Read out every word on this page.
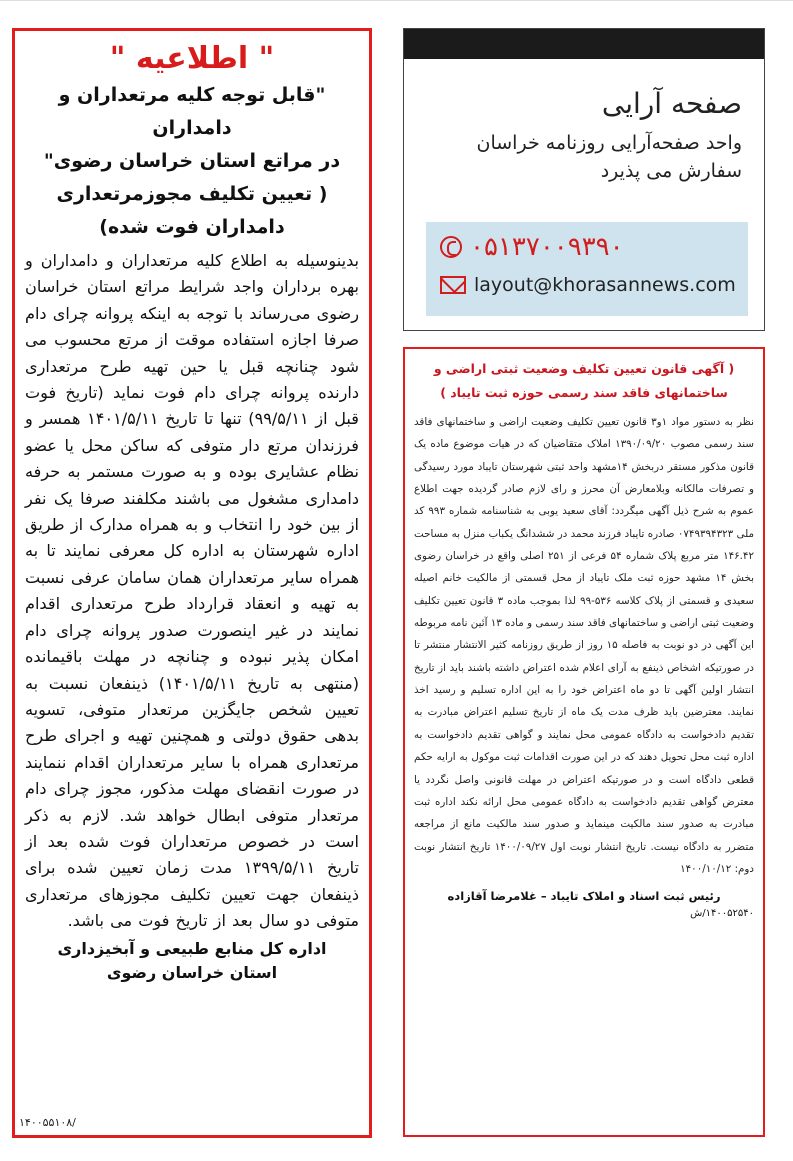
" اطلاعیه "
"قابل توجه کلیه مرتعداران و دامداران
در مراتع استان خراسان رضوی"
( تعیین تکلیف مجوزمرتعداری
دامداران فوت شده)
بدینوسیله به اطلاع کلیه مرتعداران و دامداران و بهره برداران واجد شرایط مراتع استان خراسان رضوی می‌رساند با توجه به اینکه پروانه چرای دام صرفا اجازه استفاده موقت از مرتع محسوب می شود چنانچه قبل یا حین تهیه طرح مرتعداری دارنده پروانه چرای دام فوت نماید (تاریخ فوت قبل از ۹۹/۵/۱۱) تنها تا تاریخ ۱۴۰۱/۵/۱۱ همسر و فرزندان مرتع دار متوفی که ساکن محل یا عضو نظام عشایری بوده و به صورت مستمر به حرفه دامداری مشغول می باشند مکلفند صرفا یک نفر از بین خود را انتخاب و به همراه مدارک از طریق اداره شهرستان به اداره کل معرفی نمایند تا به همراه سایر مرتعداران همان سامان عرفی نسبت به تهیه و انعقاد قرارداد طرح مرتعداری اقدام نمایند در غیر اینصورت صدور پروانه چرای دام امکان پذیر نبوده و چنانچه در مهلت باقیمانده (منتهی به تاریخ ۱۴۰۱/۵/۱۱) ذینفعان نسبت به تعیین شخص جایگزین مرتعدار متوفی، تسویه بدهی حقوق دولتی و همچنین تهیه و اجرای طرح مرتعداری همراه با سایر مرتعداران اقدام ننمایند در صورت انقضای مهلت مذکور، مجوز چرای دام مرتعدار متوفی ابطال خواهد شد. لازم به ذکر است در خصوص مرتعداران فوت شده بعد از تاریخ ۱۳۹۹/۵/۱۱ مدت زمان تعیین شده برای ذینفعان جهت تعیین تکلیف مجوزهای مرتعداری متوفی دو سال بعد از تاریخ فوت می باشد.
اداره کل منابع طبیعی و آبخیزداری
استان خراسان رضوی
۱۴۰۰۵۵۱۰۸/
صفحه آرایی
واحد صفحه‌آرایی روزنامه خراسان
سفارش می پذیرد
۰۵۱۳۷۰۰۹۳۹۰
layout@khorasannews.com
( آگهی قانون تعیین تکلیف وضعیت ثبتی اراضی و
ساختمانهای فاقد سند رسمی حوزه ثبت تایباد )
نظر به دستور مواد ۱و۳ قانون تعیین تکلیف وضعیت اراضی و ساختمانهای فاقد سند رسمی مصوب ۱۳۹۰/۰۹/۲۰ املاک متقاضیان که در هیات موضوع ماده یک قانون مذکور مستقر دربخش ۱۴مشهد واحد ثبتی شهرستان تایباد مورد رسیدگی و تصرفات مالکانه وبلامعارض آن محرز و رای لازم صادر گردیده جهت اطلاع عموم به شرح ذیل آگهی میگردد: آقای سعید یوبی به شناسنامه شماره ۹۹۳ کد ملی ۰۷۴۹۳۹۴۳۲۳ صادره تایباد فرزند محمد در ششدانگ یکباب منزل به مساحت ۱۴۶.۴۲ متر مربع پلاک شماره ۵۴ فرعی از ۲۵۱ اصلی واقع در خراسان رضوی بخش ۱۴ مشهد حوزه ثبت ملک تایباد از محل قسمتی از مالکیت خانم اصیله سعیدی و قسمتی از پلاک کلاسه ۵۳۶-۹۹ لذا بموجب ماده ۳ قانون تعیین تکلیف وضعیت ثبتی اراضی و ساختمانهای فاقد سند رسمی و ماده ۱۳ آئین نامه مربوطه این آگهی در دو نوبت به فاصله ۱۵ روز از طریق روزنامه کثیر الانتشار منتشر تا در صورتیکه اشخاص ذینفع به آرای اعلام شده اعتراض داشته باشند باید از تاریخ انتشار اولین آگهی تا دو ماه اعتراض خود را به این اداره تسلیم و رسید اخذ نمایند. معترضین باید ظرف مدت یک ماه از تاریخ تسلیم اعتراض مبادرت به تقدیم دادخواست به دادگاه عمومی محل نمایند و گواهی تقدیم دادخواست به اداره ثبت محل تحویل دهند که در این صورت اقدامات ثبت موکول به ارایه حکم قطعی دادگاه است و در صورتیکه اعتراض در مهلت قانونی واصل نگردد یا معترض گواهی تقدیم دادخواست به دادگاه عمومی محل ارائه نکند اداره ثبت مبادرت به صدور سند مالکیت مینماید و صدور سند مالکیت مانع از مراجعه متضرر به دادگاه نیست. تاریخ انتشار نوبت اول ۱۴۰۰/۰۹/۲۷ تاریخ انتشار نوبت دوم: ۱۴۰۰/۱۰/۱۲
رئیس ثبت اسناد و املاک تایباد – غلامرضا آقازاده
۱۴۰۰۵۲۵۴۰/ش
